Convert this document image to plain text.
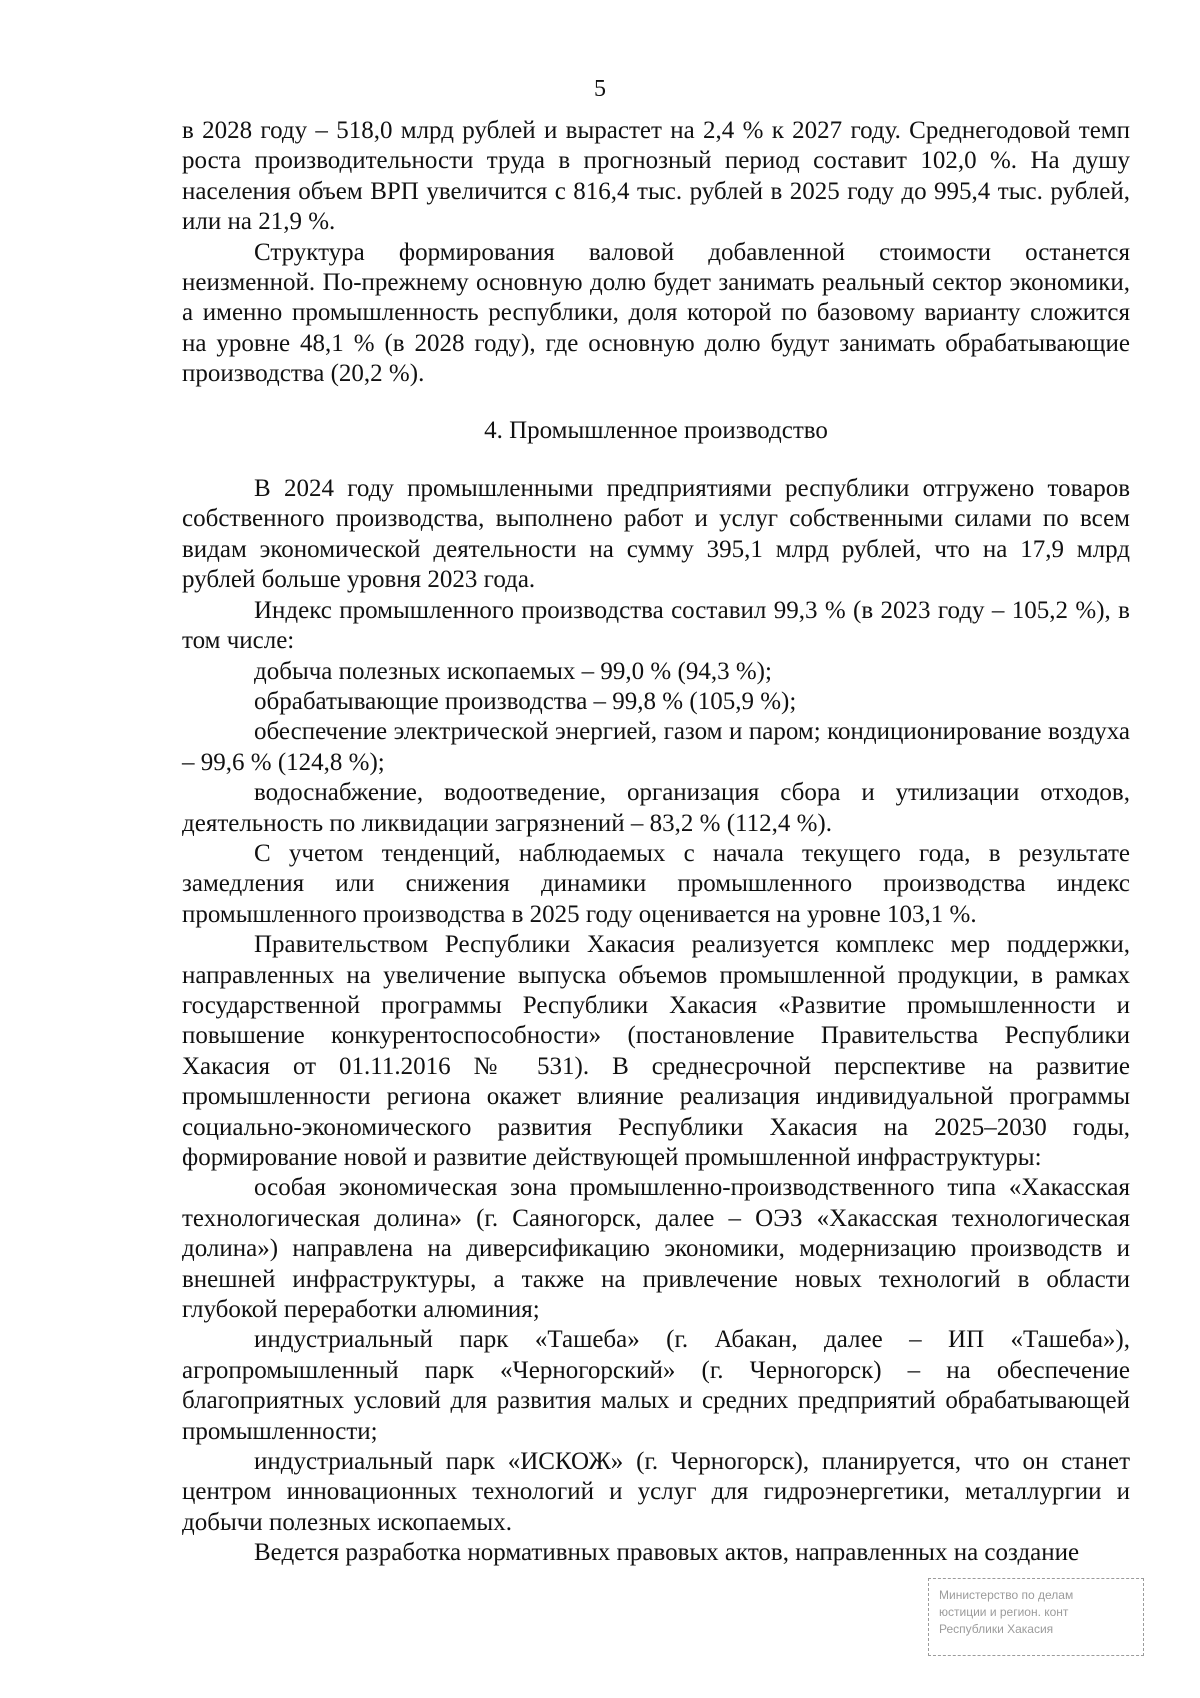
5

в 2028 году – 518,0 млрд рублей и вырастет на 2,4 % к 2027 году. Среднегодовой темп роста производительности труда в прогнозный период составит 102,0 %. На душу населения объем ВРП увеличится с 816,4 тыс. рублей в 2025 году до 995,4 тыс. рублей, или на 21,9 %.

Структура формирования валовой добавленной стоимости останется неизменной. По-прежнему основную долю будет занимать реальный сектор экономики, а именно промышленность республики, доля которой по базовому варианту сложится на уровне 48,1 % (в 2028 году), где основную долю будут занимать обрабатывающие производства (20,2 %).

4. Промышленное производство

В 2024 году промышленными предприятиями республики отгружено товаров собственного производства, выполнено работ и услуг собственными силами по всем видам экономической деятельности на сумму 395,1 млрд рублей, что на 17,9 млрд рублей больше уровня 2023 года.

Индекс промышленного производства составил 99,3 % (в 2023 году – 105,2 %), в том числе:

добыча полезных ископаемых – 99,0 % (94,3 %);

обрабатывающие производства – 99,8 % (105,9 %);

обеспечение электрической энергией, газом и паром; кондиционирование воздуха – 99,6 % (124,8 %);

водоснабжение, водоотведение, организация сбора и утилизации отходов, деятельность по ликвидации загрязнений – 83,2 % (112,4 %).

С учетом тенденций, наблюдаемых с начала текущего года, в результате замедления или снижения динамики промышленного производства индекс промышленного производства в 2025 году оценивается на уровне 103,1 %.

Правительством Республики Хакасия реализуется комплекс мер поддержки, направленных на увеличение выпуска объемов промышленной продукции, в рамках государственной программы Республики Хакасия «Развитие промышленности и повышение конкурентоспособности» (постановление Правительства Республики Хакасия от 01.11.2016 № 531). В среднесрочной перспективе на развитие промышленности региона окажет влияние реализация индивидуальной программы социально-экономического развития Республики Хакасия на 2025–2030 годы, формирование новой и развитие действующей промышленной инфраструктуры:

особая экономическая зона промышленно-производственного типа «Хакасская технологическая долина» (г. Саяногорск, далее – ОЭЗ «Хакасская технологическая долина») направлена на диверсификацию экономики, модернизацию производств и внешней инфраструктуры, а также на привлечение новых технологий в области глубокой переработки алюминия;

индустриальный парк «Ташеба» (г. Абакан, далее – ИП «Ташеба»), агропромышленный парк «Черногорский» (г. Черногорск) – на обеспечение благоприятных условий для развития малых и средних предприятий обрабатывающей промышленности;

индустриальный парк «ИСКОЖ» (г. Черногорск), планируется, что он станет центром инновационных технологий и услуг для гидроэнергетики, металлургии и добычи полезных ископаемых.

Ведется разработка нормативных правовых актов, направленных на создание

Министерство по делам
юстиции и регион. конт
Республики Хакасия
